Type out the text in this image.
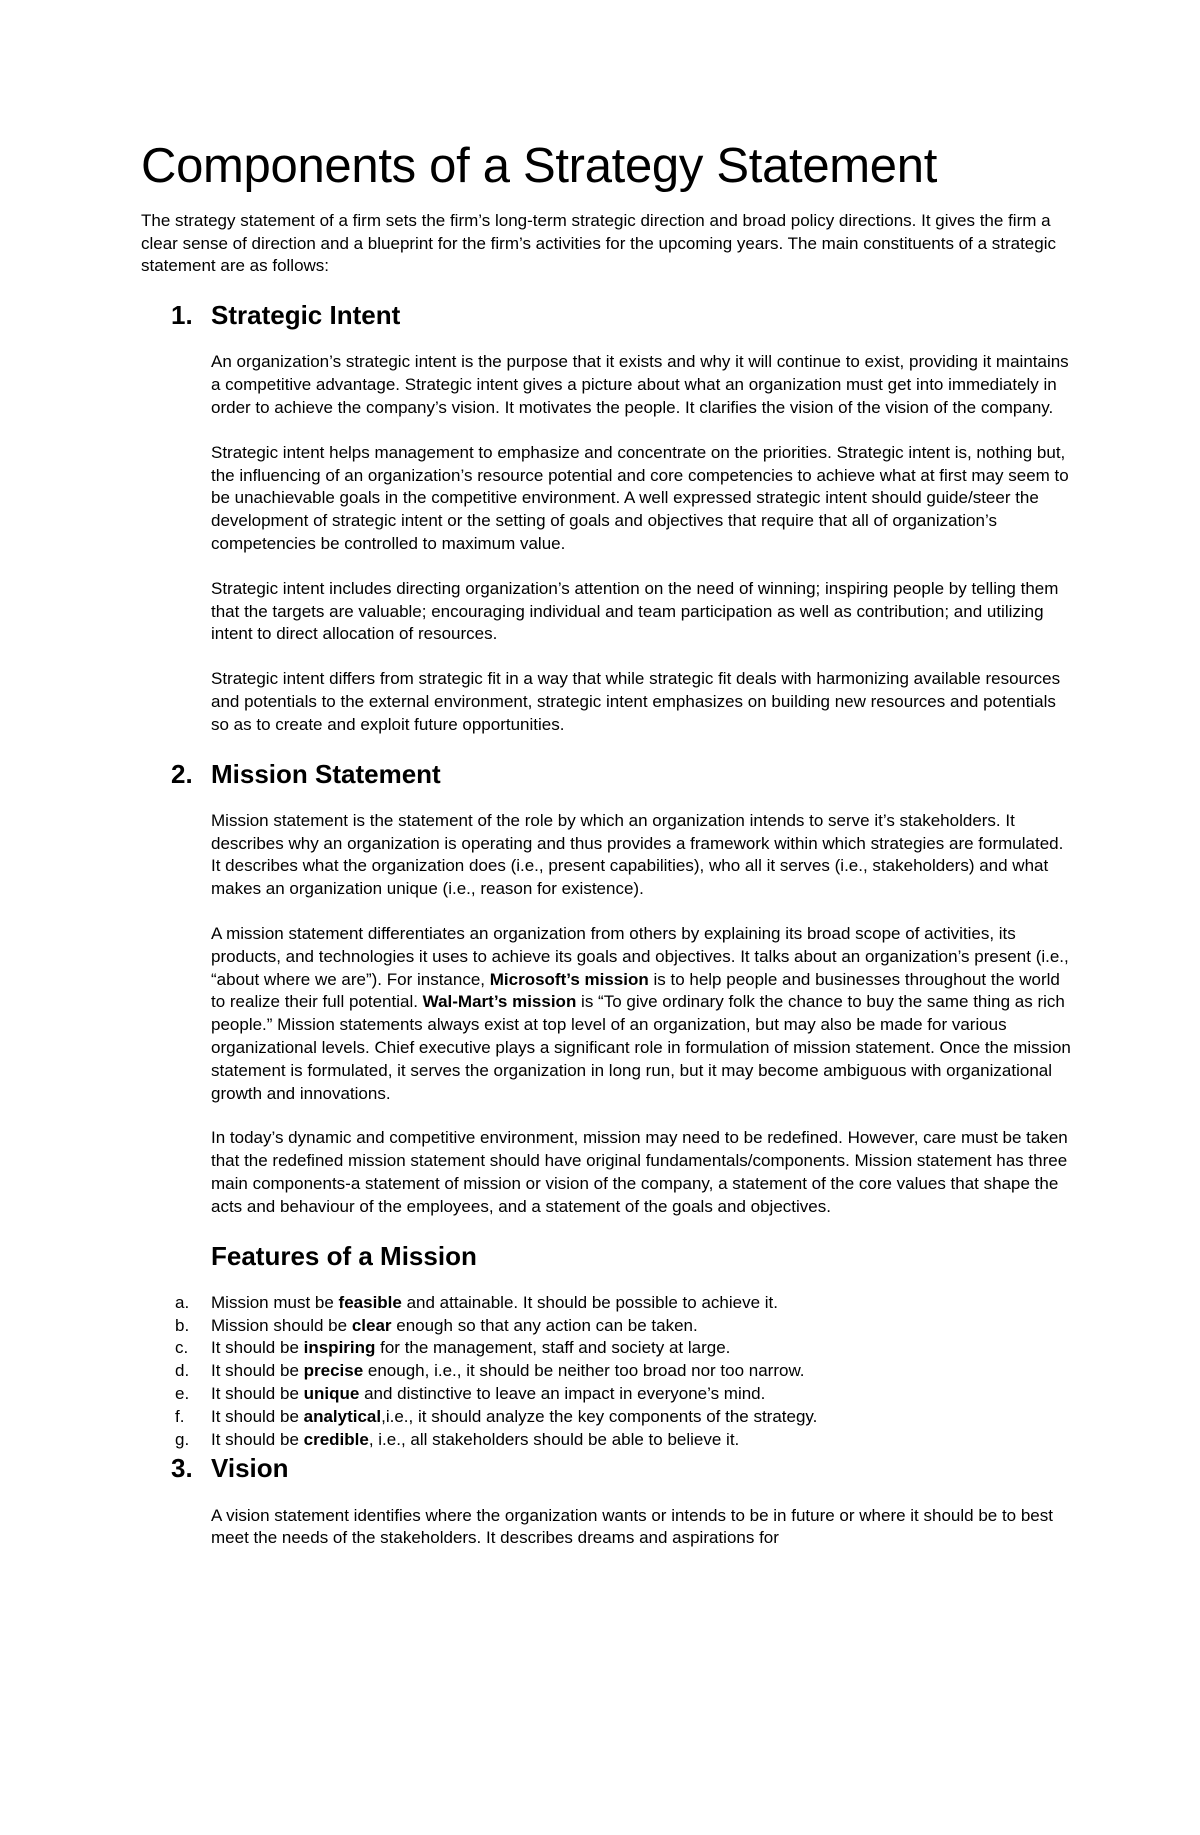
Components of a Strategy Statement

The strategy statement of a firm sets the firm’s long-term strategic direction and broad policy directions. It gives the firm a clear sense of direction and a blueprint for the firm’s activities for the upcoming years. The main constituents of a strategic statement are as follows:

1. Strategic Intent

An organization’s strategic intent is the purpose that it exists and why it will continue to exist, providing it maintains a competitive advantage. Strategic intent gives a picture about what an organization must get into immediately in order to achieve the company’s vision. It motivates the people. It clarifies the vision of the vision of the company.

Strategic intent helps management to emphasize and concentrate on the priorities. Strategic intent is, nothing but, the influencing of an organization’s resource potential and core competencies to achieve what at first may seem to be unachievable goals in the competitive environment. A well expressed strategic intent should guide/steer the development of strategic intent or the setting of goals and objectives that require that all of organization’s competencies be controlled to maximum value.

Strategic intent includes directing organization’s attention on the need of winning; inspiring people by telling them that the targets are valuable; encouraging individual and team participation as well as contribution; and utilizing intent to direct allocation of resources.

Strategic intent differs from strategic fit in a way that while strategic fit deals with harmonizing available resources and potentials to the external environment, strategic intent emphasizes on building new resources and potentials so as to create and exploit future opportunities.

2. Mission Statement

Mission statement is the statement of the role by which an organization intends to serve it’s stakeholders. It describes why an organization is operating and thus provides a framework within which strategies are formulated. It describes what the organization does (i.e., present capabilities), who all it serves (i.e., stakeholders) and what makes an organization unique (i.e., reason for existence).

A mission statement differentiates an organization from others by explaining its broad scope of activities, its products, and technologies it uses to achieve its goals and objectives. It talks about an organization’s present (i.e., “about where we are”). For instance, Microsoft’s mission is to help people and businesses throughout the world to realize their full potential. Wal-Mart’s mission is “To give ordinary folk the chance to buy the same thing as rich people.” Mission statements always exist at top level of an organization, but may also be made for various organizational levels. Chief executive plays a significant role in formulation of mission statement. Once the mission statement is formulated, it serves the organization in long run, but it may become ambiguous with organizational growth and innovations.

In today’s dynamic and competitive environment, mission may need to be redefined. However, care must be taken that the redefined mission statement should have original fundamentals/components. Mission statement has three main components-a statement of mission or vision of the company, a statement of the core values that shape the acts and behaviour of the employees, and a statement of the goals and objectives.

Features of a Mission
a. Mission must be feasible and attainable. It should be possible to achieve it.
b. Mission should be clear enough so that any action can be taken.
c. It should be inspiring for the management, staff and society at large.
d. It should be precise enough, i.e., it should be neither too broad nor too narrow.
e. It should be unique and distinctive to leave an impact in everyone’s mind.
f. It should be analytical,i.e., it should analyze the key components of the strategy.
g. It should be credible, i.e., all stakeholders should be able to believe it.
3. Vision

A vision statement identifies where the organization wants or intends to be in future or where it should be to best meet the needs of the stakeholders. It describes dreams and aspirations for
